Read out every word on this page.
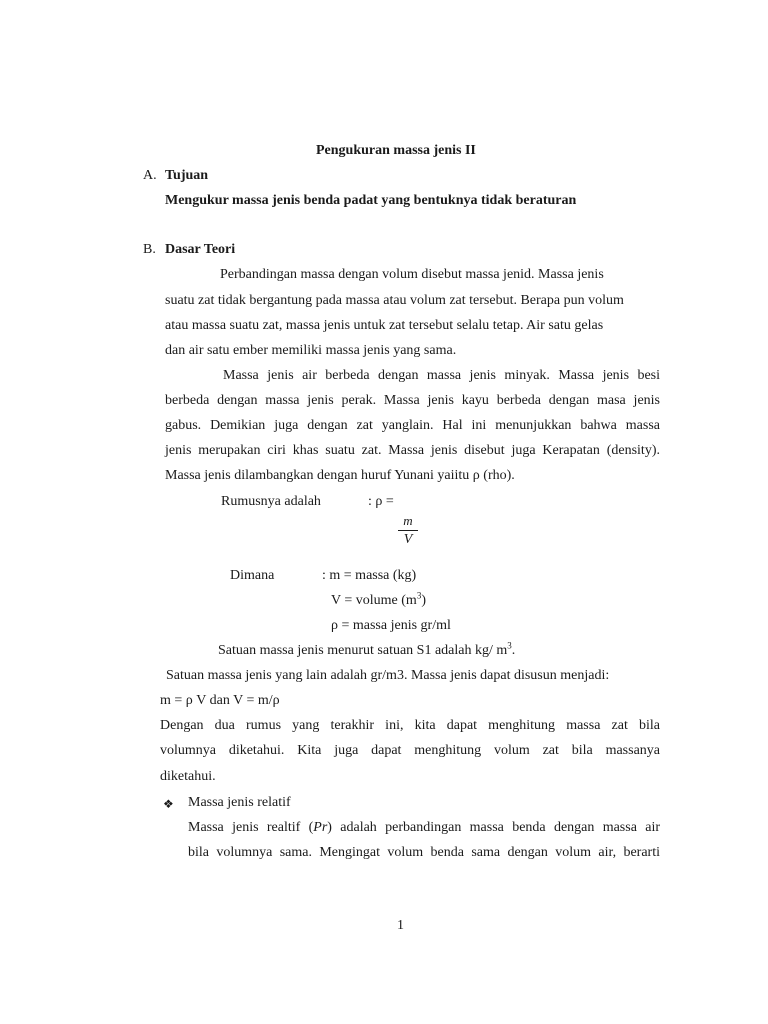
Pengukuran massa jenis II
A. Tujuan
Mengukur massa jenis benda padat yang bentuknya tidak beraturan
B. Dasar Teori
Perbandingan massa dengan volum disebut massa jenid. Massa jenis
suatu zat tidak bergantung pada massa atau volum zat tersebut. Berapa pun volum
atau massa suatu zat, massa jenis untuk zat tersebut selalu tetap. Air satu gelas
dan air satu ember memiliki massa jenis yang sama.
Massa jenis air berbeda dengan massa jenis minyak. Massa jenis besi
berbeda dengan massa jenis perak. Massa jenis kayu berbeda dengan masa jenis
gabus. Demikian juga dengan zat yanglain. Hal ini menunjukkan bahwa massa
jenis merupakan ciri khas suatu zat. Massa jenis disebut juga Kerapatan (density).
Massa jenis dilambangkan dengan huruf Yunani yaiitu ρ (rho).
Rumusnya adalah	: ρ =
m
V
Dimana	: m = massa (kg)
V = volume $(m^3)$
ρ = massa jenis gr/ml
Satuan massa jenis menurut satuan S1 adalah kg/ $m^3$.
Satuan massa jenis yang lain adalah gr/m3. Massa jenis dapat disusun menjadi:
m = ρ V dan V = m/ρ
Dengan dua rumus yang terakhir ini, kita dapat menghitung massa zat bila
volumnya diketahui. Kita juga dapat menghitung volum zat bila massanya
diketahui.
❖ Massa jenis relatif
Massa jenis realtif (Pr) adalah perbandingan massa benda dengan massa air
bila volumnya sama. Mengingat volum benda sama dengan volum air, berarti
1
